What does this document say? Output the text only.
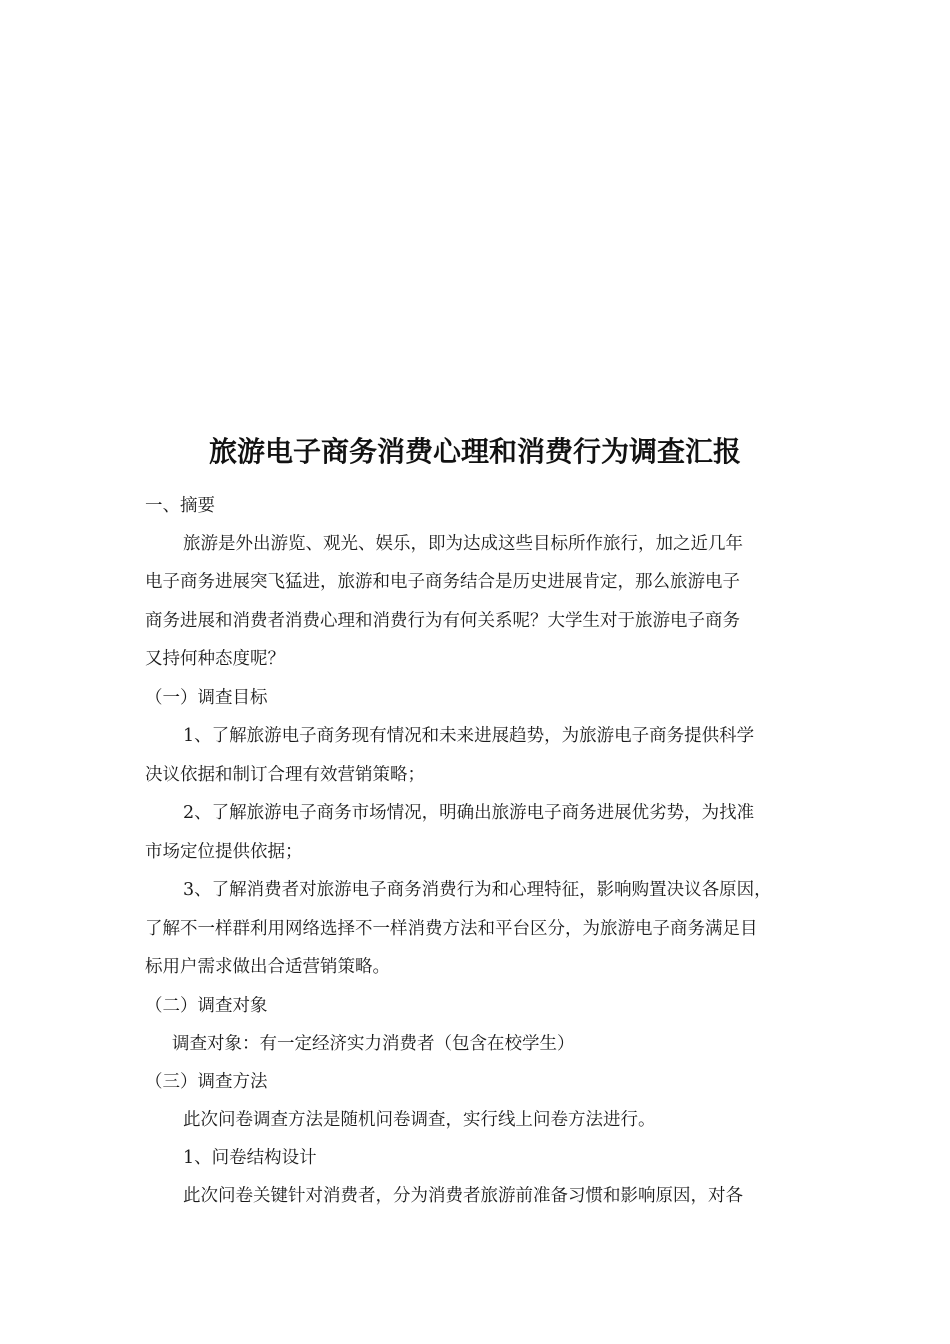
旅游电子商务消费心理和消费行为调查汇报
一、摘要
旅游是外出游览、观光、娱乐，即为达成这些目标所作旅行，加之近几年
电子商务进展突飞猛进，旅游和电子商务结合是历史进展肯定，那么旅游电子
商务进展和消费者消费心理和消费行为有何关系呢？大学生对于旅游电子商务
又持何种态度呢？
（一）调查目标
1、了解旅游电子商务现有情况和未来进展趋势，为旅游电子商务提供科学
决议依据和制订合理有效营销策略；
2、了解旅游电子商务市场情况，明确出旅游电子商务进展优劣势，为找准
市场定位提供依据；
3、了解消费者对旅游电子商务消费行为和心理特征，影响购置决议各原因，
了解不一样群利用网络选择不一样消费方法和平台区分，为旅游电子商务满足目
标用户需求做出合适营销策略。
（二）调查对象
调查对象：有一定经济实力消费者（包含在校学生）
（三）调查方法
此次问卷调查方法是随机问卷调查，实行线上问卷方法进行。
1、问卷结构设计
此次问卷关键针对消费者，分为消费者旅游前准备习惯和影响原因，对各
